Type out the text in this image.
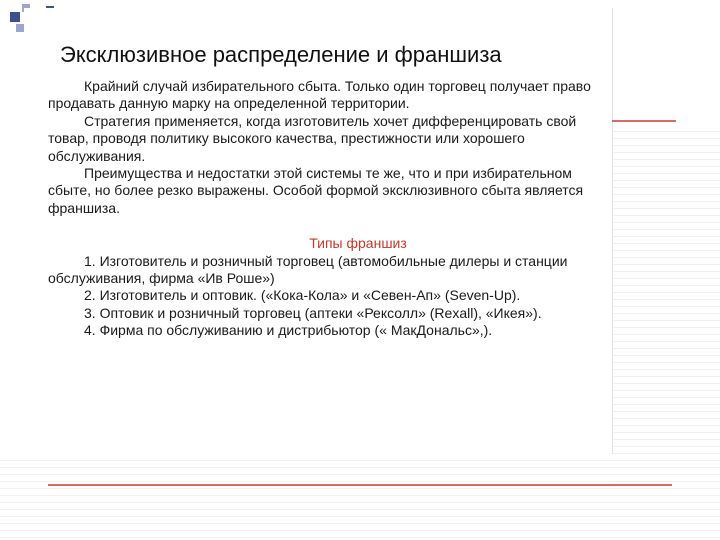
Эксклюзивное распределение и франшиза

Крайний случай избирательного сбыта. Только один торговец получает право продавать данную марку на определенной территории.

Стратегия применяется, когда изготовитель хочет дифференцировать свой товар, проводя политику высокого качества, престижности или хорошего обслуживания.

Преимущества и недостатки этой системы те же, что и при избирательном сбыте, но более резко выражены. Особой формой эксклюзивного сбыта является франшиза.

Типы франшиз

1. Изготовитель и розничный торговец (автомобильные дилеры и станции обслуживания, фирма «Ив Роше»)

2. Изготовитель и оптовик. («Кока-Кола» и «Севен-Ап» (Seven-Up).

3. Оптовик и розничный торговец (аптеки «Рексолл» (Rexall), «Икея»).

4. Фирма по обслуживанию и дистрибьютор (« МакДональс»,).
